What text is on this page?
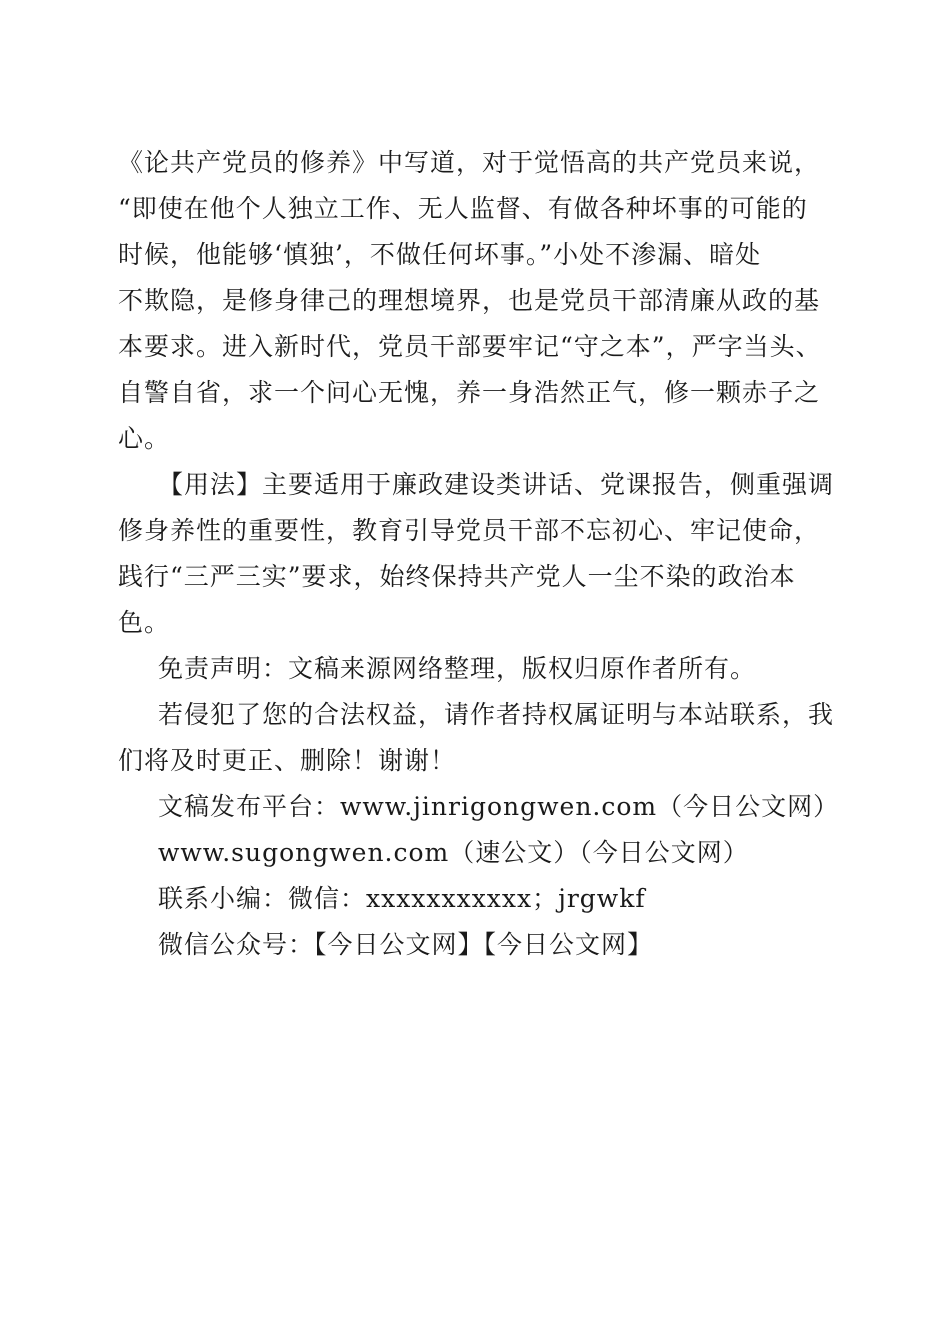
《论共产党员的修养》中写道，对于觉悟高的共产党员来说，
“即使在他个人独立工作、无人监督、有做各种坏事的可能的
时候，他能够‘慎独’，不做任何坏事。”小处不渗漏、暗处
不欺隐，是修身律己的理想境界，也是党员干部清廉从政的基
本要求。进入新时代，党员干部要牢记“守之本”，严字当头、
自警自省，求一个问心无愧，养一身浩然正气，修一颗赤子之
心。
【用法】主要适用于廉政建设类讲话、党课报告，侧重强调
修身养性的重要性，教育引导党员干部不忘初心、牢记使命，
践行“三严三实”要求，始终保持共产党人一尘不染的政治本
色。
免责声明：文稿来源网络整理，版权归原作者所有。
若侵犯了您的合法权益，请作者持权属证明与本站联系，我
们将及时更正、删除！谢谢！
文稿发布平台：www.jinrigongwen.com（今日公文网）
www.sugongwen.com（速公文）（今日公文网）
联系小编：微信：xxxxxxxxxxx；jrgwkf
微信公众号：【今日公文网】【今日公文网】
